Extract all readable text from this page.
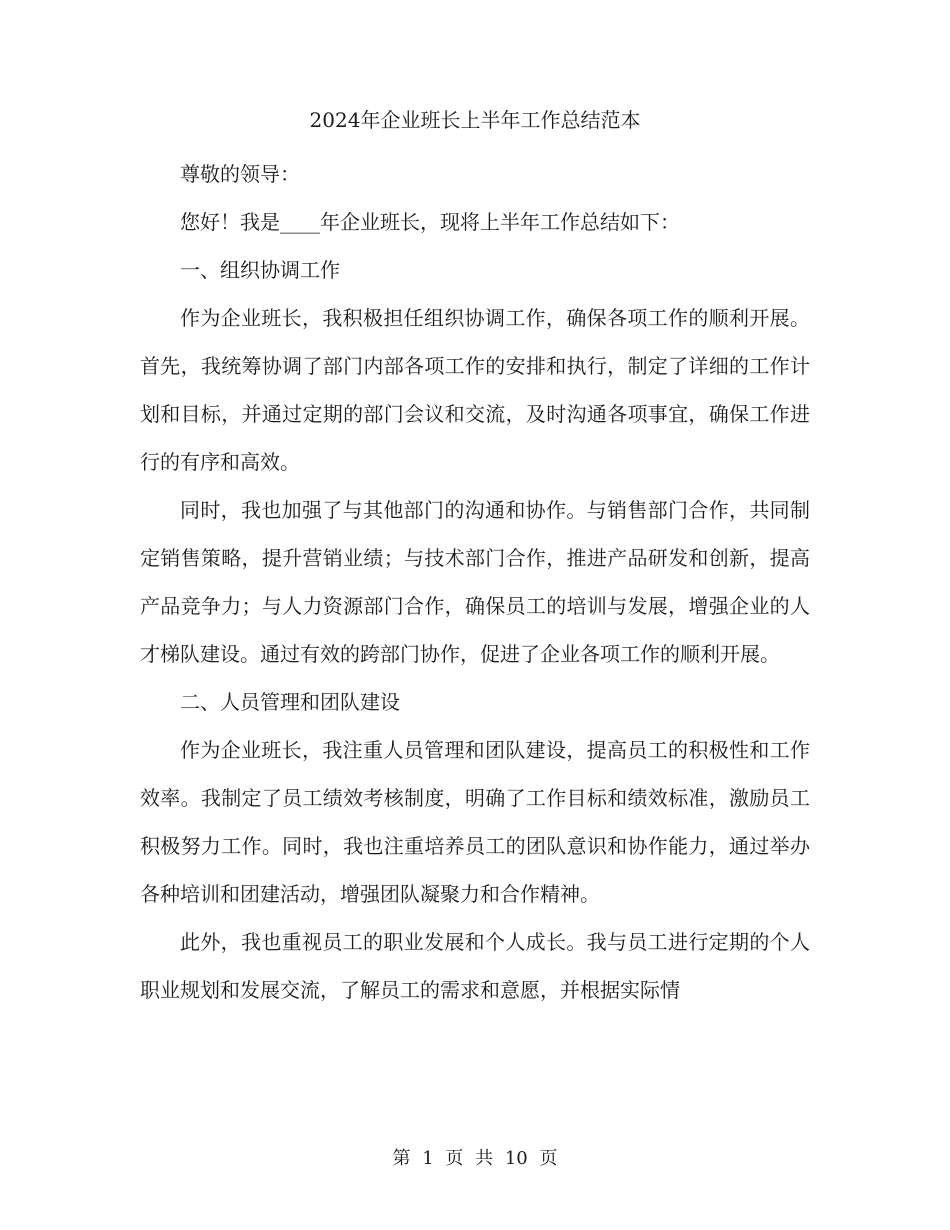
2024年企业班长上半年工作总结范本

尊敬的领导：

您好！我是____年企业班长，现将上半年工作总结如下：

一、组织协调工作

作为企业班长，我积极担任组织协调工作，确保各项工作的顺利开展。首先，我统筹协调了部门内部各项工作的安排和执行，制定了详细的工作计划和目标，并通过定期的部门会议和交流，及时沟通各项事宜，确保工作进行的有序和高效。

同时，我也加强了与其他部门的沟通和协作。与销售部门合作，共同制定销售策略，提升营销业绩；与技术部门合作，推进产品研发和创新，提高产品竞争力；与人力资源部门合作，确保员工的培训与发展，增强企业的人才梯队建设。通过有效的跨部门协作，促进了企业各项工作的顺利开展。

二、人员管理和团队建设

作为企业班长，我注重人员管理和团队建设，提高员工的积极性和工作效率。我制定了员工绩效考核制度，明确了工作目标和绩效标准，激励员工积极努力工作。同时，我也注重培养员工的团队意识和协作能力，通过举办各种培训和团建活动，增强团队凝聚力和合作精神。

此外，我也重视员工的职业发展和个人成长。我与员工进行定期的个人职业规划和发展交流，了解员工的需求和意愿，并根据实际情

第 1 页 共 10 页
